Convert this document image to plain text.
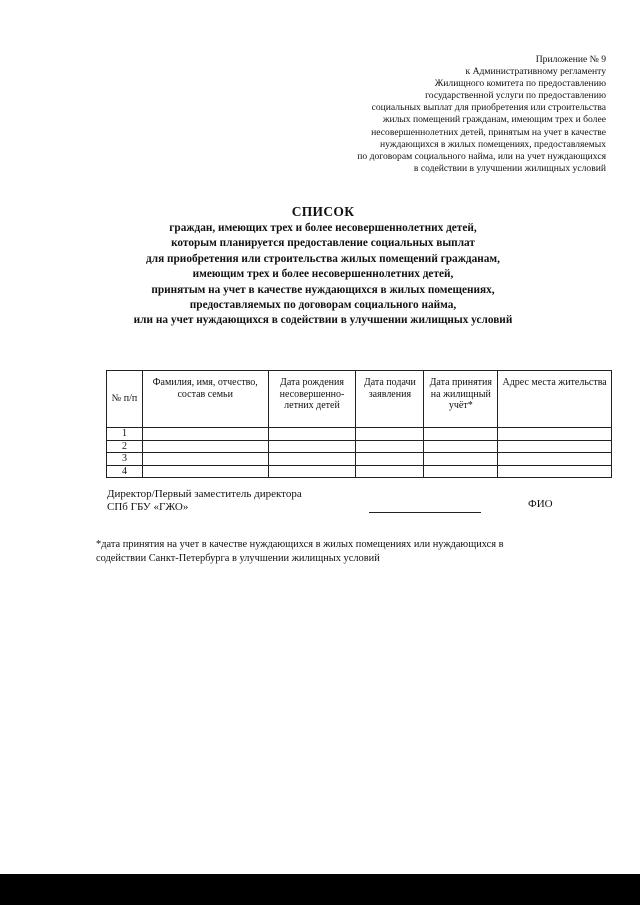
Приложение № 9
к Административному регламенту
Жилищного комитета по предоставлению
государственной услуги по предоставлению
социальных выплат для приобретения или строительства
жилых помещений гражданам, имеющим трех и более
несовершеннолетних детей, принятым на учет в качестве
нуждающихся в жилых помещениях, предоставляемых
по договорам социального найма, или на учет нуждающихся
в содействии в улучшении жилищных условий
СПИСОК
граждан, имеющих трех и более несовершеннолетних детей,
которым планируется предоставление социальных выплат
для приобретения или строительства жилых помещений гражданам,
имеющим трех и более несовершеннолетних детей,
принятым на учет в качестве нуждающихся в жилых помещениях,
предоставляемых по договорам социального найма,
или на учет нуждающихся в содействии в улучшении жилищных условий
№ п/п	Фамилия, имя, отчество, состав семьи	Дата рождения несовершенно-летних детей	Дата подачи заявления	Дата принятия на жилищный учёт*	Адрес места жительства
1					
2					
3					
4					
Директор/Первый заместитель директора
СПб ГБУ «ГЖО»	ФИО
*дата принятия на учет в качестве нуждающихся в жилых помещениях или нуждающихся в
содействии Санкт-Петербурга в улучшении жилищных условий
